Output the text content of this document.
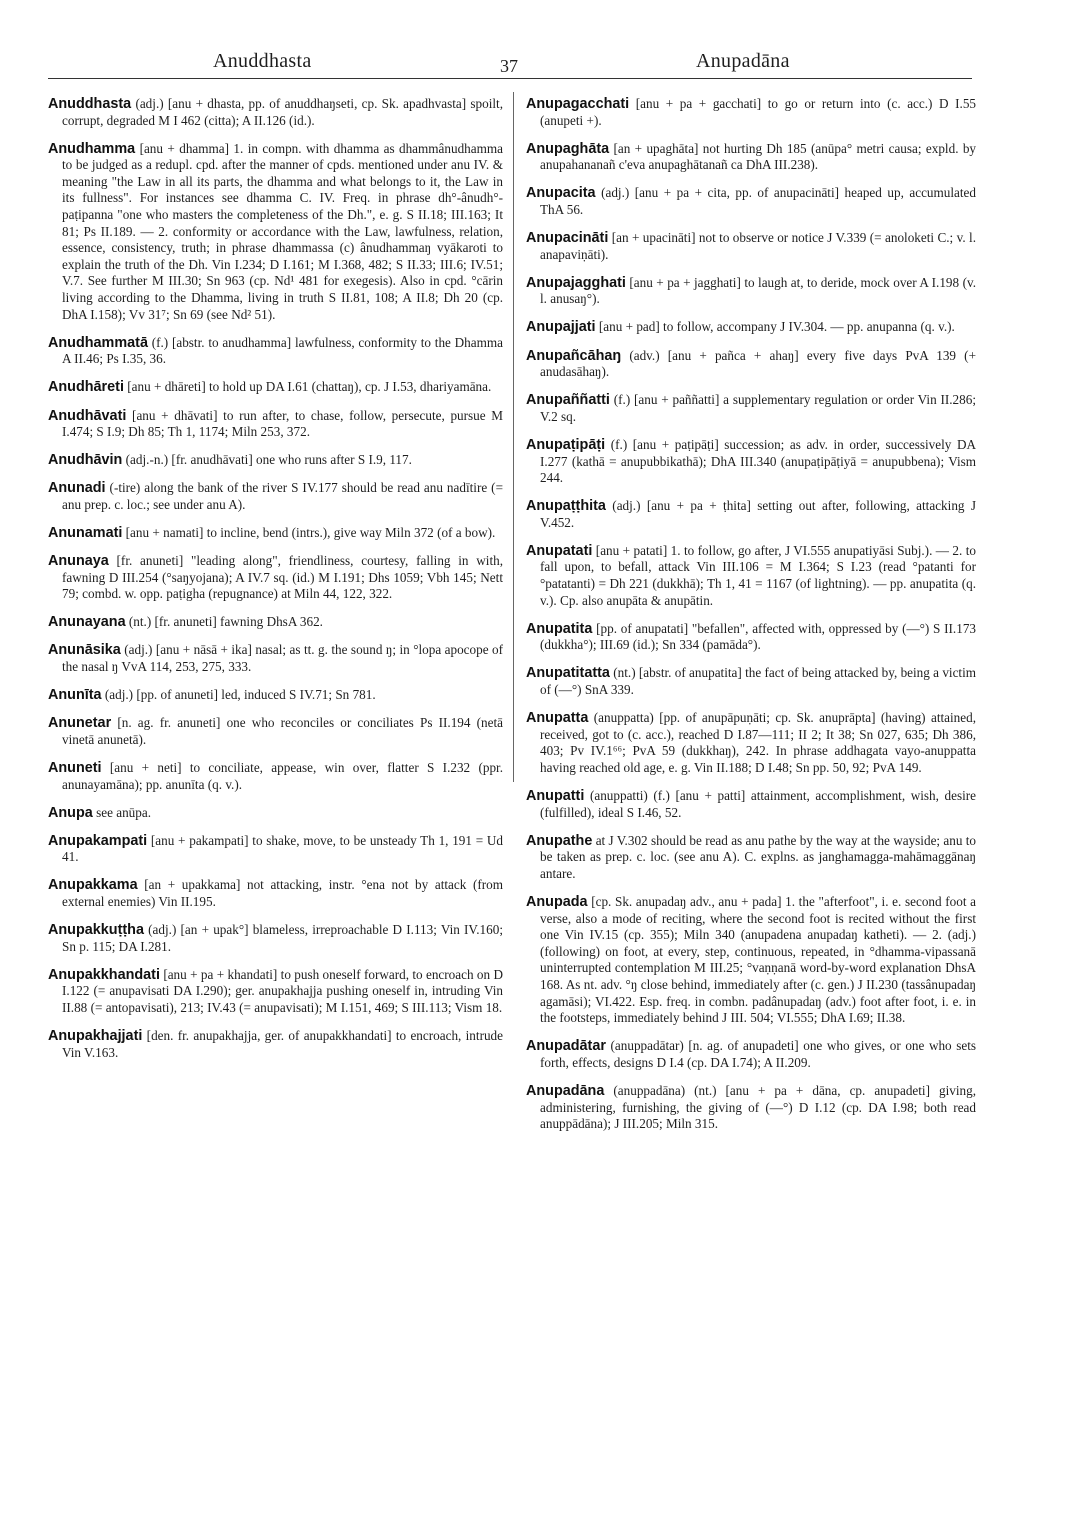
Anuddhasta	37	Anupadāna

Anuddhasta (adj.) [anu + dhasta, pp. of anuddhaŋseti, cp. Sk. apadhvasta] spoilt, corrupt, degraded M I 462 (citta); A II.126 (id.).

Anudhamma [anu + dhamma] 1. in compn. with dhamma as dhammânudhamma to be judged as a redupl. cpd. after the manner of cpds. mentioned under anu IV. & meaning "the Law in all its parts, the dhamma and what belongs to it, the Law in its fullness". For instances see dhamma C. IV. Freq. in phrase dh°-ânudh°-paṭipanna "one who masters the completeness of the Dh.", e. g. S II.18; III.163; It 81; Ps II.189. — 2. conformity or accordance with the Law, lawfulness, relation, essence, consistency, truth; in phrase dhammassa (c) ânudhammaŋ vyākaroti to explain the truth of the Dh. Vin I.234; D I.161; M I.368, 482; S II.33; III.6; IV.51; V.7. See further M III.30; Sn 963 (cp. Nd¹ 481 for exegesis). Also in cpd. °cārin living according to the Dhamma, living in truth S II.81, 108; A II.8; Dh 20 (cp. DhA I.158); Vv 31⁷; Sn 69 (see Nd² 51).

Anudhammatā (f.) [abstr. to anudhamma] lawfulness, conformity to the Dhamma A II.46; Ps I.35, 36.

Anudhāreti [anu + dhāreti] to hold up DA I.61 (chattaŋ), cp. J I.53, dhariyamāna.

Anudhāvati [anu + dhāvati] to run after, to chase, follow, persecute, pursue M I.474; S I.9; Dh 85; Th 1, 1174; Miln 253, 372.

Anudhāvin (adj.-n.) [fr. anudhāvati] one who runs after S I.9, 117.

Anunadi (-tire) along the bank of the river S IV.177 should be read anu nadītire (= anu prep. c. loc.; see under anu A).

Anunamati [anu + namati] to incline, bend (intrs.), give way Miln 372 (of a bow).

Anunaya [fr. anuneti] "leading along", friendliness, courtesy, falling in with, fawning D III.254 (°saŋyojana); A IV.7 sq. (id.) M I.191; Dhs 1059; Vbh 145; Nett 79; combd. w. opp. paṭigha (repugnance) at Miln 44, 122, 322.

Anunayana (nt.) [fr. anuneti] fawning DhsA 362.

Anunāsika (adj.) [anu + nāsā + ika] nasal; as tt. g. the sound ŋ; in °lopa apocope of the nasal ŋ VvA 114, 253, 275, 333.

Anunīta (adj.) [pp. of anuneti] led, induced S IV.71; Sn 781.

Anunetar [n. ag. fr. anuneti] one who reconciles or conciliates Ps II.194 (netā vinetā anunetā).

Anuneti [anu + neti] to conciliate, appease, win over, flatter S I.232 (ppr. anunayamāna); pp. anunīta (q. v.).

Anupa see anūpa.

Anupakampati [anu + pakampati] to shake, move, to be unsteady Th 1, 191 = Ud 41.

Anupakkama [an + upakkama] not attacking, instr. °ena not by attack (from external enemies) Vin II.195.

Anupakkuṭṭha (adj.) [an + upak°] blameless, irreproachable D I.113; Vin IV.160; Sn p. 115; DA I.281.

Anupakkhandati [anu + pa + khandati] to push oneself forward, to encroach on D I.122 (= anupavisati DA I.290); ger. anupakhajja pushing oneself in, intruding Vin II.88 (= antopavisati), 213; IV.43 (= anupavisati); M I.151, 469; S III.113; Vism 18.

Anupakhajjati [den. fr. anupakhajja, ger. of anupakkhandati] to encroach, intrude Vin V.163.

Anupagacchati [anu + pa + gacchati] to go or return into (c. acc.) D I.55 (anupeti +).

Anupaghāta [an + upaghāta] not hurting Dh 185 (anūpa° metri causa; expld. by anupahananañ c'eva anupaghātanañ ca DhA III.238).

Anupacita (adj.) [anu + pa + cita, pp. of anupacināti] heaped up, accumulated ThA 56.

Anupacināti [an + upacināti] not to observe or notice J V.339 (= anoloketi C.; v. l. anapaviṇāti).

Anupajagghati [anu + pa + jagghati] to laugh at, to deride, mock over A I.198 (v. l. anusaŋ°).

Anupajjati [anu + pad] to follow, accompany J IV.304. — pp. anupanna (q. v.).

Anupañcāhaŋ (adv.) [anu + pañca + ahaŋ] every five days PvA 139 (+ anudasāhaŋ).

Anupaññatti (f.) [anu + paññatti] a supplementary regulation or order Vin II.286; V.2 sq.

Anupaṭipāṭi (f.) [anu + paṭipāṭi] succession; as adv. in order, successively DA I.277 (kathā = anupubbikathā); DhA III.340 (anupaṭipāṭiyā = anupubbena); Vism 244.

Anupaṭṭhita (adj.) [anu + pa + ṭhita] setting out after, following, attacking J V.452.

Anupatati [anu + patati] 1. to follow, go after, J VI.555 anupatiyāsi Subj.). — 2. to fall upon, to befall, attack Vin III.106 = M I.364; S I.23 (read °patanti for °patatanti) = Dh 221 (dukkhā); Th 1, 41 = 1167 (of lightning). — pp. anupatita (q. v.). Cp. also anupāta & anupātin.

Anupatita [pp. of anupatati] "befallen", affected with, oppressed by (—°) S II.173 (dukkha°); III.69 (id.); Sn 334 (pamāda°).

Anupatitatta (nt.) [abstr. of anupatita] the fact of being attacked by, being a victim of (—°) SnA 339.

Anupatta (anuppatta) [pp. of anupāpuṇāti; cp. Sk. anuprāpta] (having) attained, received, got to (c. acc.), reached D I.87—111; II 2; It 38; Sn 027, 635; Dh 386, 403; Pv IV.1⁶⁶; PvA 59 (dukkhaŋ), 242. In phrase addhagata vayo-anuppatta having reached old age, e. g. Vin II.188; D I.48; Sn pp. 50, 92; PvA 149.

Anupatti (anuppatti) (f.) [anu + patti] attainment, accomplishment, wish, desire (fulfilled), ideal S I.46, 52.

Anupathe at J V.302 should be read as anu pathe by the way at the wayside; anu to be taken as prep. c. loc. (see anu A). C. explns. as janghamagga-mahāmaggānaŋ antare.

Anupada [cp. Sk. anupadaŋ adv., anu + pada] 1. the "afterfoot", i. e. second foot a verse, also a mode of reciting, where the second foot is recited without the first one Vin IV.15 (cp. 355); Miln 340 (anupadena anupadaŋ katheti). — 2. (adj.) (following) on foot, at every, step, continuous, repeated, in °dhamma-vipassanā uninterrupted contemplation M III.25; °vaṇṇanā word-by-word explanation DhsA 168. As nt. adv. °ŋ close behind, immediately after (c. gen.) J II.230 (tassânupadaŋ agamāsi); VI.422. Esp. freq. in combn. padânupadaŋ (adv.) foot after foot, i. e. in the footsteps, immediately behind J III. 504; VI.555; DhA I.69; II.38.

Anupadātar (anuppadātar) [n. ag. of anupadeti] one who gives, or one who sets forth, effects, designs D I.4 (cp. DA I.74); A II.209.

Anupadāna (anuppadāna) (nt.) [anu + pa + dāna, cp. anupadeti] giving, administering, furnishing, the giving of (—°) D I.12 (cp. DA I.98; both read anuppādāna); J III.205; Miln 315.
